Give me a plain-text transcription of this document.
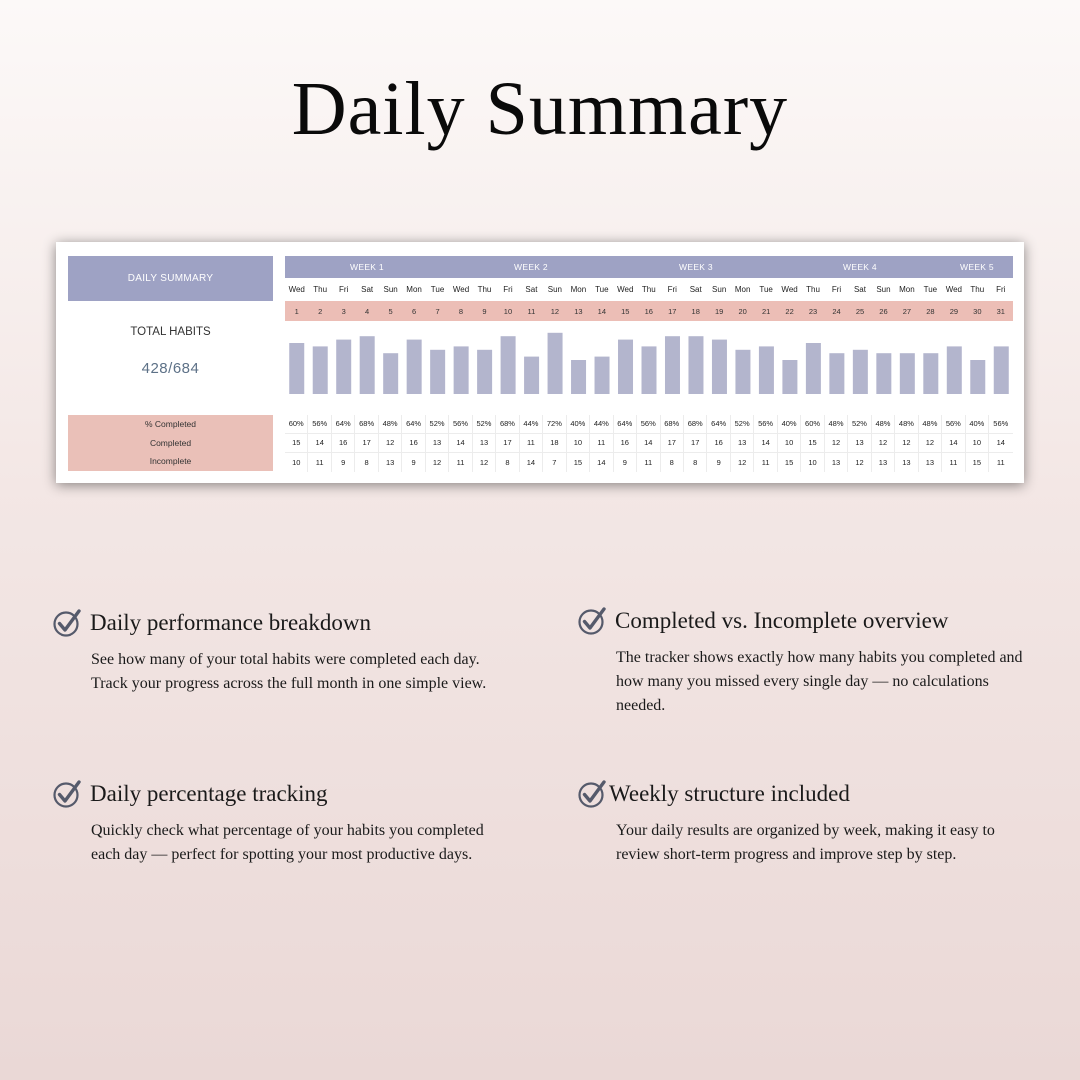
Daily Summary
DAILY SUMMARY
TOTAL HABITS
428/684
% Completed
Completed
Incomplete
WEEK 1	WEEK 2	WEEK 3	WEEK 4	WEEK 5
Wed	Thu	Fri	Sat	Sun	Mon	Tue	Wed	Thu	Fri	Sat	Sun	Mon	Tue	Wed	Thu	Fri	Sat	Sun	Mon	Tue	Wed	Thu	Fri	Sat	Sun	Mon	Tue	Wed	Thu	Fri
1	2	3	4	5	6	7	8	9	10	11	12	13	14	15	16	17	18	19	20	21	22	23	24	25	26	27	28	29	30	31
60%	56%	64%	68%	48%	64%	52%	56%	52%	68%	44%	72%	40%	44%	64%	56%	68%	68%	64%	52%	56%	40%	60%	48%	52%	48%	48%	48%	56%	40%	56%
15	14	16	17	12	16	13	14	13	17	11	18	10	11	16	14	17	17	16	13	14	10	15	12	13	12	12	12	14	10	14
10	11	9	8	13	9	12	11	12	8	14	7	15	14	9	11	8	8	9	12	11	15	10	13	12	13	13	13	11	15	11
Daily performance breakdown

See how many of your total habits were completed each day. Track your progress across the full month in one simple view.

Completed vs. Incomplete overview

The tracker shows exactly how many habits you completed and how many you missed every single day — no calculations needed.

Daily percentage tracking

Quickly check what percentage of your habits you completed each day — perfect for spotting your most productive days.

Weekly structure included

Your daily results are organized by week, making it easy to review short-term progress and improve step by step.
